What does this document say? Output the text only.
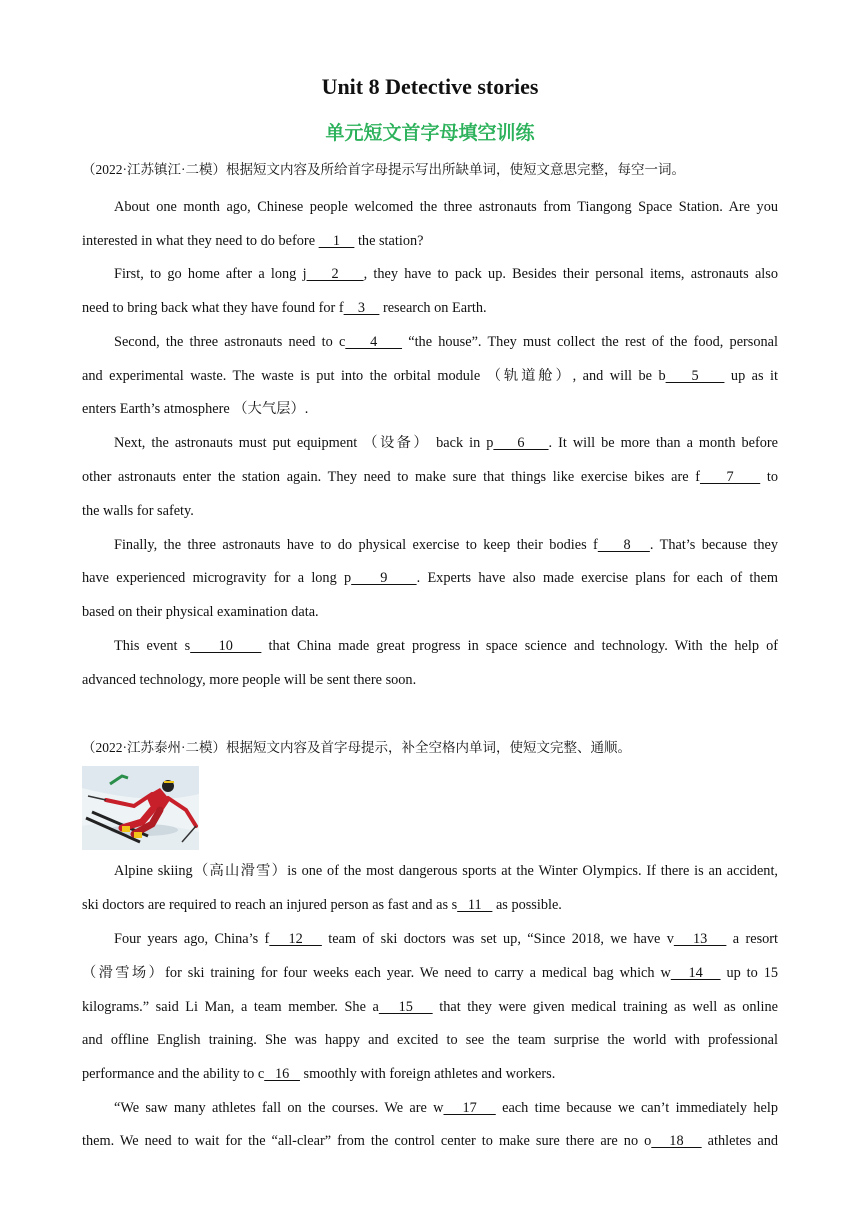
Unit 8 Detective stories
单元短文首字母填空训练
（2022·江苏镇江·二模）根据短文内容及所给首字母提示写出所缺单词，使短文意思完整，每空一词。
About one month ago, Chinese people welcomed the three astronauts from Tiangong Space Station. Are you
interested in what they need to do before     1     the station?
First, to go home after a long j    2    , they have to pack up. Besides their personal items, astronauts also
need to bring back what they have found for f    3     research on Earth.
Second, the three astronauts need to c    4     “the house”. They must collect the rest of the food, personal
and experimental waste. The waste is put into the orbital module （轨道舱）, and will be b    5     up as it
enters Earth’s atmosphere （大气层）.
Next, the astronauts must put equipment （设备） back in p    6    . It will be more than a month before
other astronauts enter the station again. They need to make sure that things like exercise bikes are f    7     to
the walls for safety.
Finally, the three astronauts have to do physical exercise to keep their bodies f    8   . That’s because they
have experienced microgravity for a long p    9    . Experts have also made exercise plans for each of them
based on their physical examination data.
This event s    10     that China made great progress in space science and technology. With the help of
advanced technology, more people will be sent there soon.
（2022·江苏泰州·二模）根据短文内容及首字母提示，补全空格内单词，使短文完整、通顺。
Alpine skiing（高山滑雪）is one of the most dangerous sports at the Winter Olympics. If there is an accident,
ski doctors are required to reach an injured person as fast and as s   11    as possible.
Four years ago, China’s f   12    team of ski doctors was set up, “Since 2018, we have v   13    a resort
（滑雪场）for ski training for four weeks each year. We need to carry a medical bag which w   14    up to 15
kilograms.” said Li Man, a team member. She a   15    that they were given medical training as well as online
and offline English training. She was happy and excited to see the team surprise the world with professional
performance and the ability to c   16    smoothly with foreign athletes and workers.
“We saw many athletes fall on the courses. We are w   17    each time because we can’t immediately help
them. We need to wait for the “all-clear” from the control center to make sure there are no o   18    athletes and
